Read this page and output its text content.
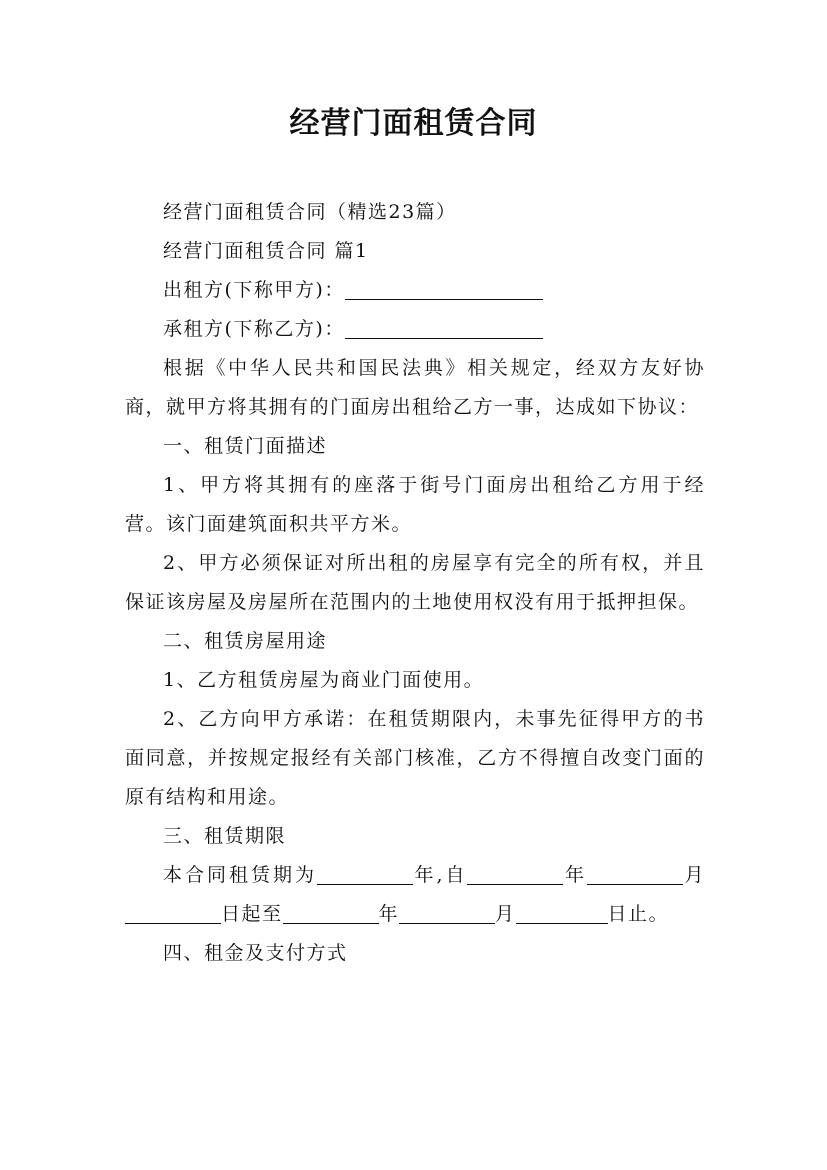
经营门面租赁合同

经营门面租赁合同（精选23篇）

经营门面租赁合同 篇1

出租方(下称甲方)：

承租方(下称乙方)：

根据《中华人民共和国民法典》相关规定，经双方友好协商，就甲方将其拥有的门面房出租给乙方一事，达成如下协议：

一、租赁门面描述

1、甲方将其拥有的座落于街号门面房出租给乙方用于经营。该门面建筑面积共平方米。

2、甲方必须保证对所出租的房屋享有完全的所有权，并且保证该房屋及房屋所在范围内的土地使用权没有用于抵押担保。

二、租赁房屋用途

1、乙方租赁房屋为商业门面使用。

2、乙方向甲方承诺：在租赁期限内，未事先征得甲方的书面同意，并按规定报经有关部门核准，乙方不得擅自改变门面的原有结构和用途。

三、租赁期限

本合同租赁期为	年,自	年	月日起至	年	月	日止。

四、租金及支付方式
